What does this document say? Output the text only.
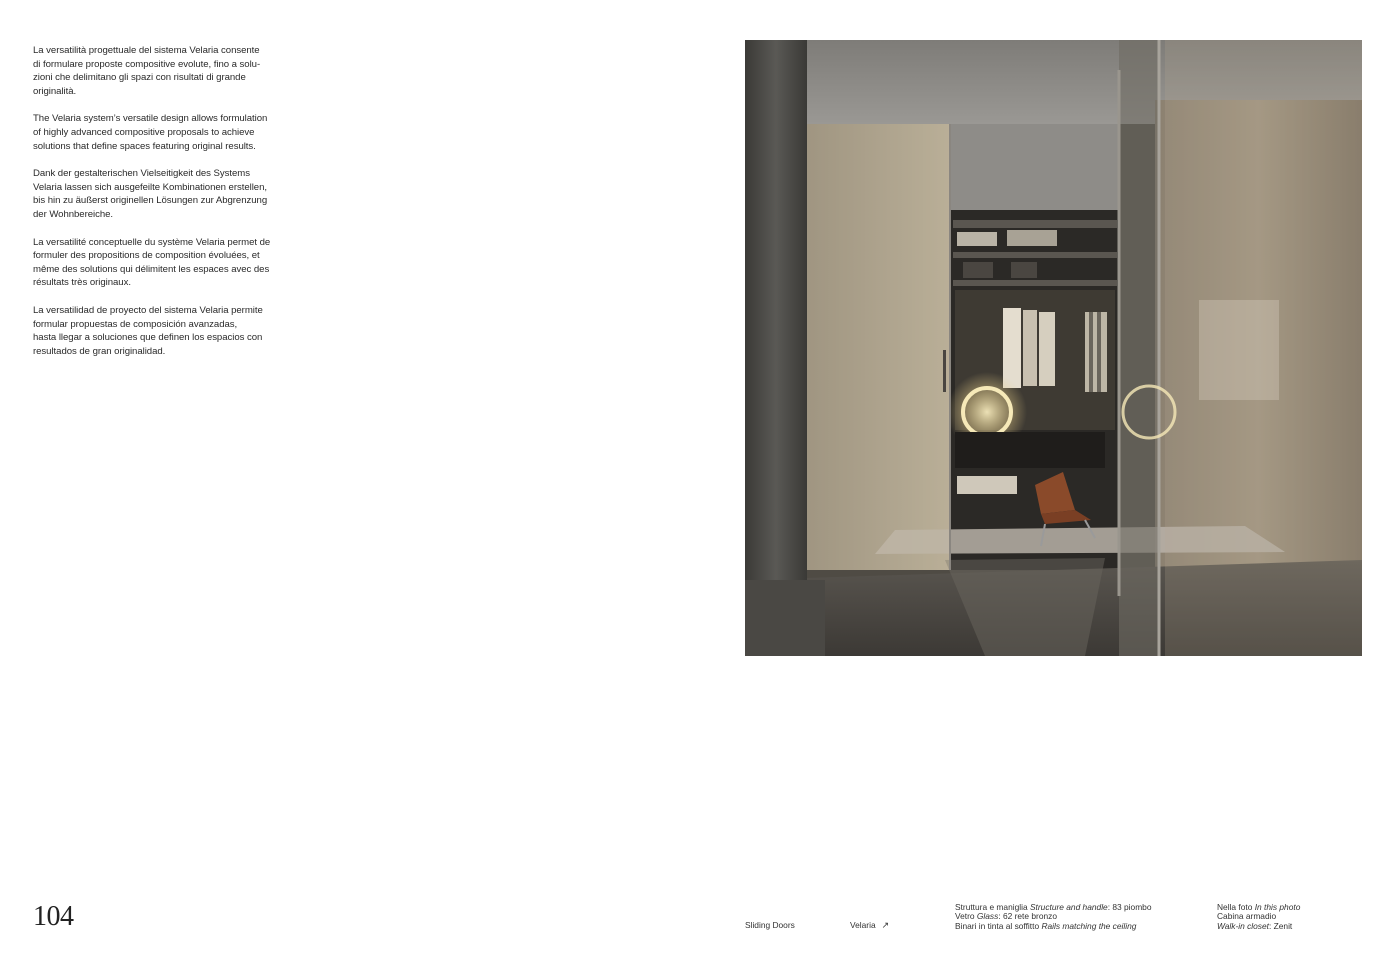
La versatilità progettuale del sistema Velaria consente
di formulare proposte compositive evolute, fino a solu-
zioni che delimitano gli spazi con risultati di grande
originalità.

The Velaria system’s versatile design allows formulation
of highly advanced compositive proposals to achieve
solutions that define spaces featuring original results.

Dank der gestalterischen Vielseitigkeit des Systems
Velaria lassen sich ausgefeilte Kombinationen erstellen,
bis hin zu äußerst originellen Lösungen zur Abgrenzung
der Wohnbereiche.

La versatilité conceptuelle du système Velaria permet de
formuler des propositions de composition évoluées, et
même des solutions qui délimitent les espaces avec des
résultats très originaux.

La versatilidad de proyecto del sistema Velaria permite
formular propuestas de composición avanzadas,
hasta llegar a soluciones que definen los espacios con
resultados de gran originalidad.

104	Sliding Doors	Velaria ↗
Struttura e maniglia Structure and handle: 83 piombo
Vetro Glass: 62 rete bronzo
Binari in tinta al soffitto Rails matching the ceiling
Nella foto In this photo
Cabina armadio
Walk-in closet: Zenit
